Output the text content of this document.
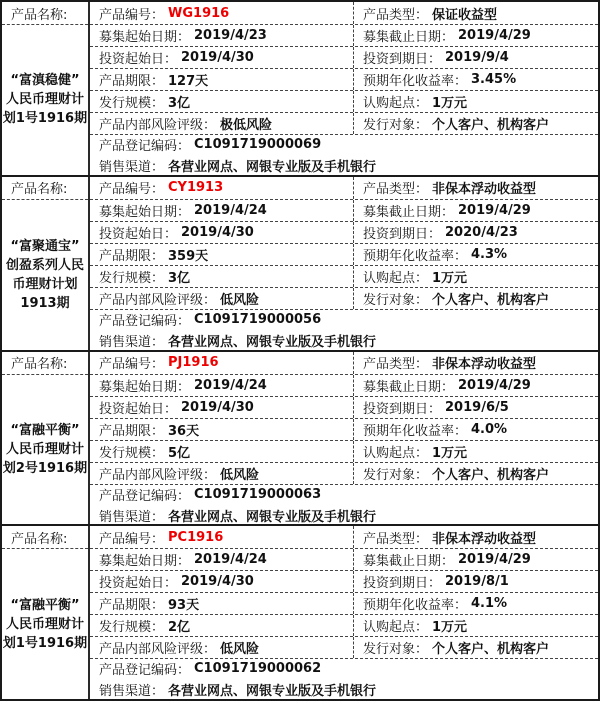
产品名称:
“富滇稳健”
人民币理财计
划1号1916期
产品编号： WG1916	产品类型： 保证收益型
募集起始日期： 2019/4/23	募集截止日期： 2019/4/29
投资起始日： 2019/4/30	投资到期日： 2019/9/4
产品期限： 127天	预期年化收益率： 3.45%
发行规模： 3亿	认购起点： 1万元
产品内部风险评级： 极低风险	发行对象： 个人客户、机构客户
产品登记编码： C1091719000069
销售渠道： 各营业网点、网银专业版及手机银行
产品名称:
“富聚通宝”
创盈系列人民
币理财计划
1913期
产品编号： CY1913	产品类型： 非保本浮动收益型
募集起始日期： 2019/4/24	募集截止日期： 2019/4/29
投资起始日： 2019/4/30	投资到期日： 2020/4/23
产品期限： 359天	预期年化收益率： 4.3%
发行规模： 3亿	认购起点： 1万元
产品内部风险评级： 低风险	发行对象： 个人客户、机构客户
产品登记编码： C1091719000056
销售渠道： 各营业网点、网银专业版及手机银行
产品名称:
“富融平衡”
人民币理财计
划2号1916期
产品编号： PJ1916	产品类型： 非保本浮动收益型
募集起始日期： 2019/4/24	募集截止日期： 2019/4/29
投资起始日： 2019/4/30	投资到期日： 2019/6/5
产品期限： 36天	预期年化收益率： 4.0%
发行规模： 5亿	认购起点： 1万元
产品内部风险评级： 低风险	发行对象： 个人客户、机构客户
产品登记编码： C1091719000063
销售渠道： 各营业网点、网银专业版及手机银行
产品名称:
“富融平衡”
人民币理财计
划1号1916期
产品编号： PC1916	产品类型： 非保本浮动收益型
募集起始日期： 2019/4/24	募集截止日期： 2019/4/29
投资起始日： 2019/4/30	投资到期日： 2019/8/1
产品期限： 93天	预期年化收益率： 4.1%
发行规模： 2亿	认购起点： 1万元
产品内部风险评级： 低风险	发行对象： 个人客户、机构客户
产品登记编码： C1091719000062
销售渠道： 各营业网点、网银专业版及手机银行
